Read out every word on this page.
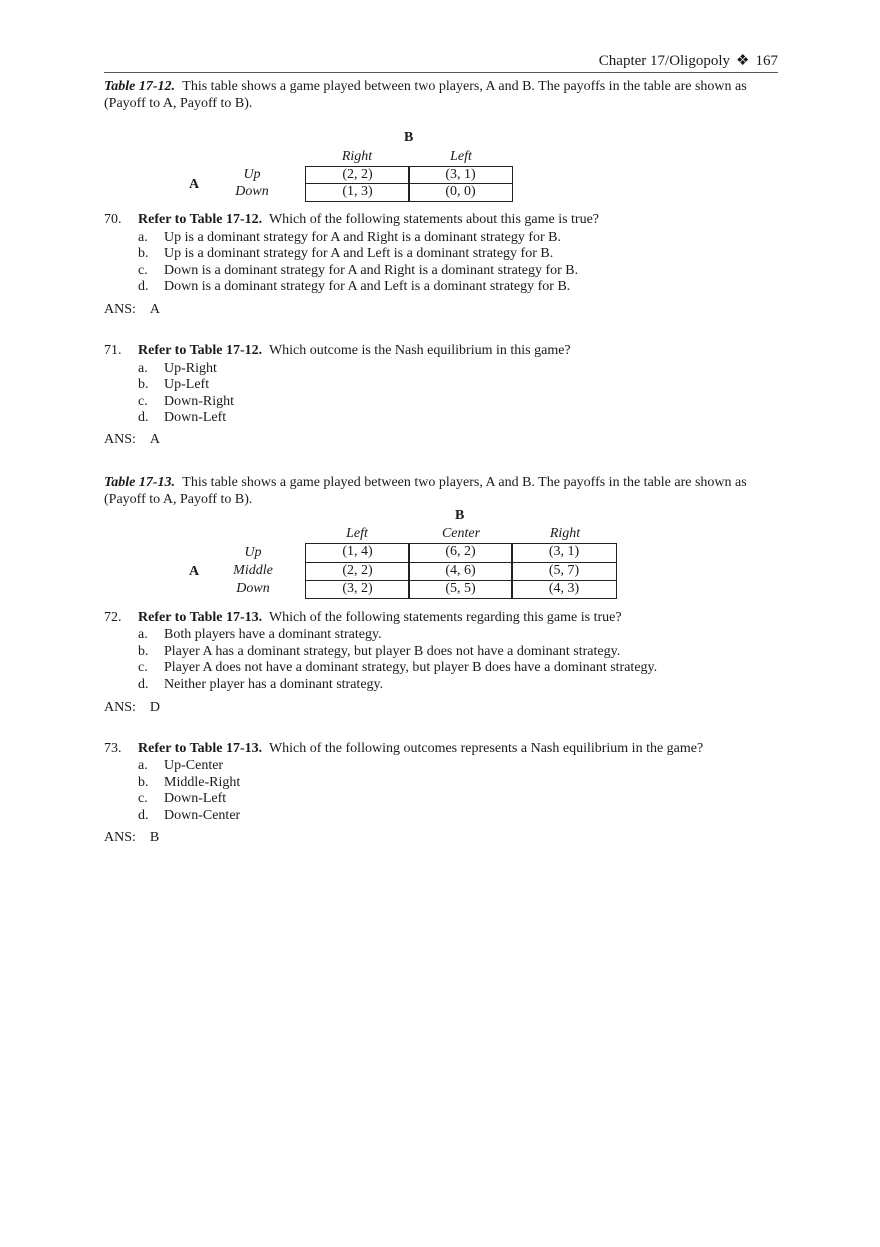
Chapter 17/Oligopoly ❖ 167
Table 17-12. This table shows a game played between two players, A and B. The payoffs in the table are shown as (Payoff to A, Payoff to B).
B
Right	Left
A
Up
Down
(2, 2)	(3, 1)
(1, 3)	(0, 0)
70. Refer to Table 17-12. Which of the following statements about this game is true?
a. Up is a dominant strategy for A and Right is a dominant strategy for B.
b. Up is a dominant strategy for A and Left is a dominant strategy for B.
c. Down is a dominant strategy for A and Right is a dominant strategy for B.
d. Down is a dominant strategy for A and Left is a dominant strategy for B.
ANS: A
71. Refer to Table 17-12. Which outcome is the Nash equilibrium in this game?
a. Up-Right
b. Up-Left
c. Down-Right
d. Down-Left
ANS: A
Table 17-13. This table shows a game played between two players, A and B. The payoffs in the table are shown as (Payoff to A, Payoff to B).
B
Left	Center	Right
A
Up
Middle
Down
(1, 4)	(6, 2)	(3, 1)
(2, 2)	(4, 6)	(5, 7)
(3, 2)	(5, 5)	(4, 3)
72. Refer to Table 17-13. Which of the following statements regarding this game is true?
a. Both players have a dominant strategy.
b. Player A has a dominant strategy, but player B does not have a dominant strategy.
c. Player A does not have a dominant strategy, but player B does have a dominant strategy.
d. Neither player has a dominant strategy.
ANS: D
73. Refer to Table 17-13. Which of the following outcomes represents a Nash equilibrium in the game?
a. Up-Center
b. Middle-Right
c. Down-Left
d. Down-Center
ANS: B
